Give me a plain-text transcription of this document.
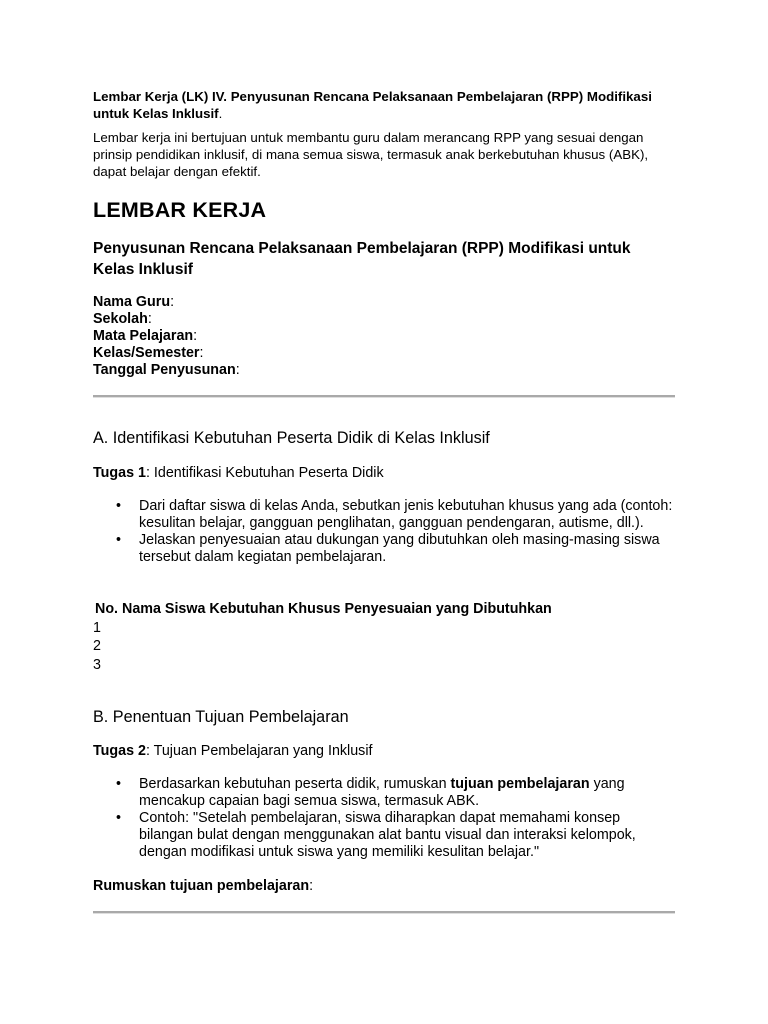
Lembar Kerja (LK) IV. Penyusunan Rencana Pelaksanaan Pembelajaran (RPP) Modifikasi untuk Kelas Inklusif.
Lembar kerja ini bertujuan untuk membantu guru dalam merancang RPP yang sesuai dengan prinsip pendidikan inklusif, di mana semua siswa, termasuk anak berkebutuhan khusus (ABK), dapat belajar dengan efektif.
LEMBAR KERJA
Penyusunan Rencana Pelaksanaan Pembelajaran (RPP) Modifikasi untuk Kelas Inklusif
Nama Guru:
Sekolah:
Mata Pelajaran:
Kelas/Semester:
Tanggal Penyusunan:
A. Identifikasi Kebutuhan Peserta Didik di Kelas Inklusif
Tugas 1: Identifikasi Kebutuhan Peserta Didik
• Dari daftar siswa di kelas Anda, sebutkan jenis kebutuhan khusus yang ada (contoh: kesulitan belajar, gangguan penglihatan, gangguan pendengaran, autisme, dll.).
• Jelaskan penyesuaian atau dukungan yang dibutuhkan oleh masing-masing siswa tersebut dalam kegiatan pembelajaran.
No. Nama Siswa Kebutuhan Khusus Penyesuaian yang Dibutuhkan
1
2
3
B. Penentuan Tujuan Pembelajaran
Tugas 2: Tujuan Pembelajaran yang Inklusif
• Berdasarkan kebutuhan peserta didik, rumuskan tujuan pembelajaran yang mencakup capaian bagi semua siswa, termasuk ABK.
• Contoh: "Setelah pembelajaran, siswa diharapkan dapat memahami konsep bilangan bulat dengan menggunakan alat bantu visual dan interaksi kelompok, dengan modifikasi untuk siswa yang memiliki kesulitan belajar."
Rumuskan tujuan pembelajaran:
